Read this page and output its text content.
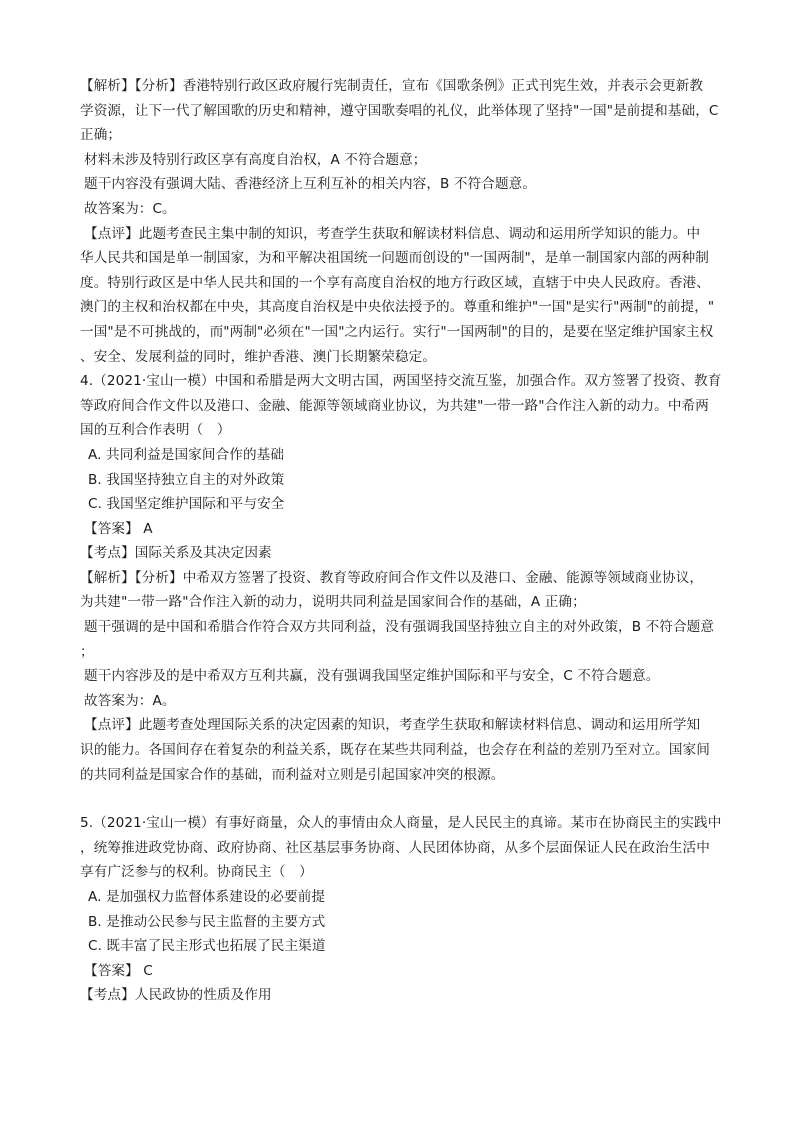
【解析】【分析】香港特别行政区政府履行宪制责任，宣布《国歌条例》正式刊宪生效，并表示会更新教
学资源，让下一代了解国歌的历史和精神，遵守国歌奏唱的礼仪，此举体现了坚持"一国"是前提和基础，C
正确；
材料未涉及特别行政区享有高度自治权，A 不符合题意；
题干内容没有强调大陆、香港经济上互利互补的相关内容，B 不符合题意。
故答案为：C。
【点评】此题考查民主集中制的知识，考查学生获取和解读材料信息、调动和运用所学知识的能力。中
华人民共和国是单一制国家，为和平解决祖国统一问题而创设的"一国两制"，是单一制国家内部的两种制
度。特别行政区是中华人民共和国的一个享有高度自治权的地方行政区域，直辖于中央人民政府。香港、
澳门的主权和治权都在中央，其高度自治权是中央依法授予的。尊重和维护"一国"是实行"两制"的前提，"
一国"是不可挑战的，而"两制"必须在"一国"之内运行。实行"一国两制"的目的，是要在坚定维护国家主权
、安全、发展利益的同时，维护香港、澳门长期繁荣稳定。
4.（2021·宝山一模）中国和希腊是两大文明古国，两国坚持交流互鉴，加强合作。双方签署了投资、教育
等政府间合作文件以及港口、金融、能源等领域商业协议，为共建"一带一路"合作注入新的动力。中希两
国的互利合作表明（　）
A. 共同利益是国家间合作的基础
B. 我国坚持独立自主的对外政策
C. 我国坚定维护国际和平与安全
【答案】 A
【考点】国际关系及其决定因素
【解析】【分析】中希双方签署了投资、教育等政府间合作文件以及港口、金融、能源等领域商业协议，
为共建"一带一路"合作注入新的动力，说明共同利益是国家间合作的基础，A 正确；
题干强调的是中国和希腊合作符合双方共同利益，没有强调我国坚持独立自主的对外政策，B 不符合题意
；
题干内容涉及的是中希双方互利共赢，没有强调我国坚定维护国际和平与安全，C 不符合题意。
故答案为：A。
【点评】此题考查处理国际关系的决定因素的知识，考查学生获取和解读材料信息、调动和运用所学知
识的能力。各国间存在着复杂的利益关系，既存在某些共同利益，也会存在利益的差别乃至对立。国家间
的共同利益是国家合作的基础，而利益对立则是引起国家冲突的根源。
5.（2021·宝山一模）有事好商量，众人的事情由众人商量，是人民民主的真谛。某市在协商民主的实践中
，统筹推进政党协商、政府协商、社区基层事务协商、人民团体协商，从多个层面保证人民在政治生活中
享有广泛参与的权利。协商民主（　）
A. 是加强权力监督体系建设的必要前提
B. 是推动公民参与民主监督的主要方式
C. 既丰富了民主形式也拓展了民主渠道
【答案】 C
【考点】人民政协的性质及作用
